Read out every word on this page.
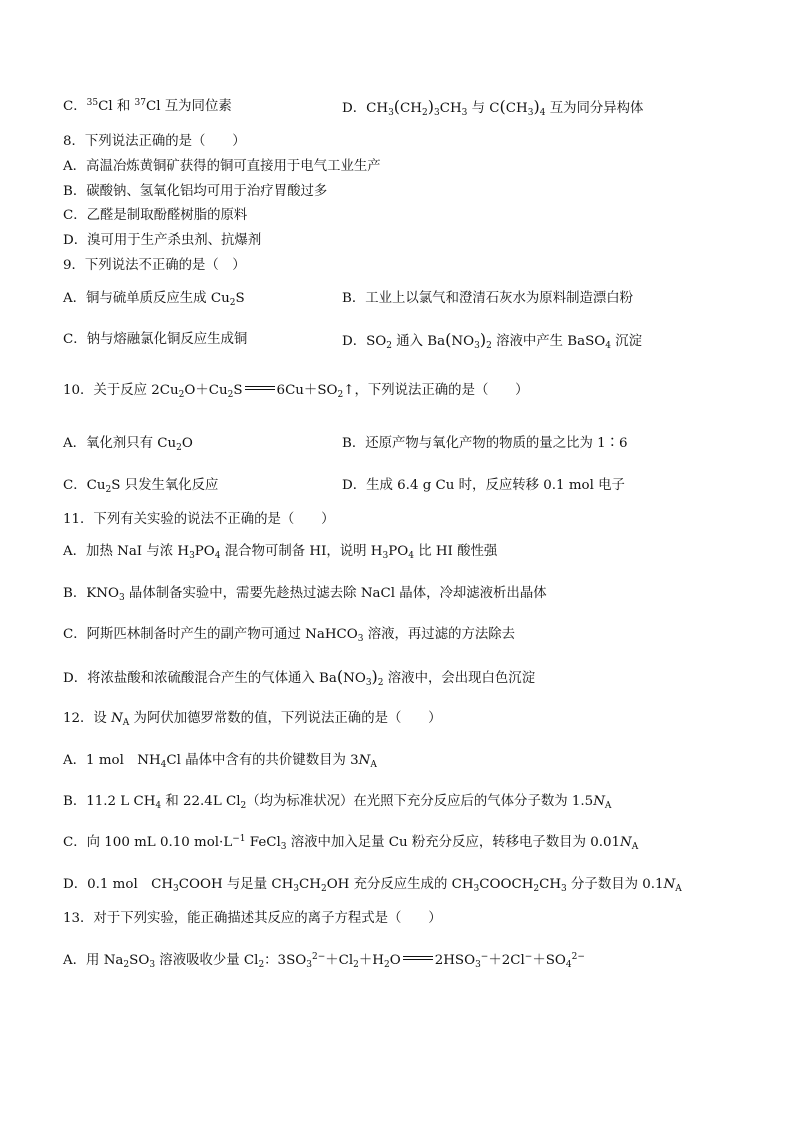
C．$^{35}$Cl 和 $^{37}$Cl 互为同位素	D．$CH_3(CH_2)_3CH_3$ 与 $C(CH_3)_4$ 互为同分异构体
8．下列说法正确的是（　　）
A．高温冶炼黄铜矿获得的铜可直接用于电气工业生产
B．碳酸钠、氢氧化铝均可用于治疗胃酸过多
C．乙醛是制取酚醛树脂的原料
D．溴可用于生产杀虫剂、抗爆剂
9．下列说法不正确的是（　）
A．铜与硫单质反应生成 $Cu_2S$	B．工业上以氯气和澄清石灰水为原料制造漂白粉
C．钠与熔融氯化铜反应生成铜	D．$SO_2$ 通入 $Ba(NO_3)_2$ 溶液中产生 BaSO$_4$ 沉淀
10．关于反应 $2Cu_2O+Cu_2S$	$6Cu+SO_2↑$，下列说法正确的是（　　）
A．氧化剂只有 $Cu_2O$	B．还原产物与氧化产物的物质的量之比为 1∶6
C．$Cu_2S$ 只发生氧化反应	D．生成 6.4 g Cu 时，反应转移 0.1 mol 电子
11．下列有关实验的说法不正确的是（　　）
A．加热 NaI 与浓 $H_3PO_4$ 混合物可制备 HI，说明 $H_3PO_4$ 比 HI 酸性强
B．$KNO_3$ 晶体制备实验中，需要先趁热过滤去除 NaCl 晶体，冷却滤液析出晶体
C．阿斯匹林制备时产生的副产物可通过 NaHCO$_3$ 溶液，再过滤的方法除去
D．将浓盐酸和浓硫酸混合产生的气体通入 $Ba(NO_3)_2$ 溶液中，会出现白色沉淀
12．设 $N_A$ 为阿伏加德罗常数的值，下列说法正确的是（　　）
A．1 mol　$NH_4Cl$ 晶体中含有的共价键数目为 $3N_A$
B．11.2 L $CH_4$ 和 22.4L $Cl_2$（均为标准状况）在光照下充分反应后的气体分子数为 $1.5N_A$
C．向 100 mL 0.10 $mol\cdot L^{-1}$ FeCl$_3$ 溶液中加入足量 Cu 粉充分反应，转移电子数目为 $0.01N_A$
D．0.1 mol　$CH_3COOH$ 与足量 $CH_3CH_2OH$ 充分反应生成的 $CH_3COOCH_2CH_3$ 分子数目为 $0.1N_A$
13．对于下列实验，能正确描述其反应的离子方程式是（　　）
A．用 $Na_2SO_3$ 溶液吸收少量 $Cl_2$：$3SO_3^{2-}+Cl_2+H_2O$	$2HSO_3^-+2Cl^-+SO_4^{2-}$
